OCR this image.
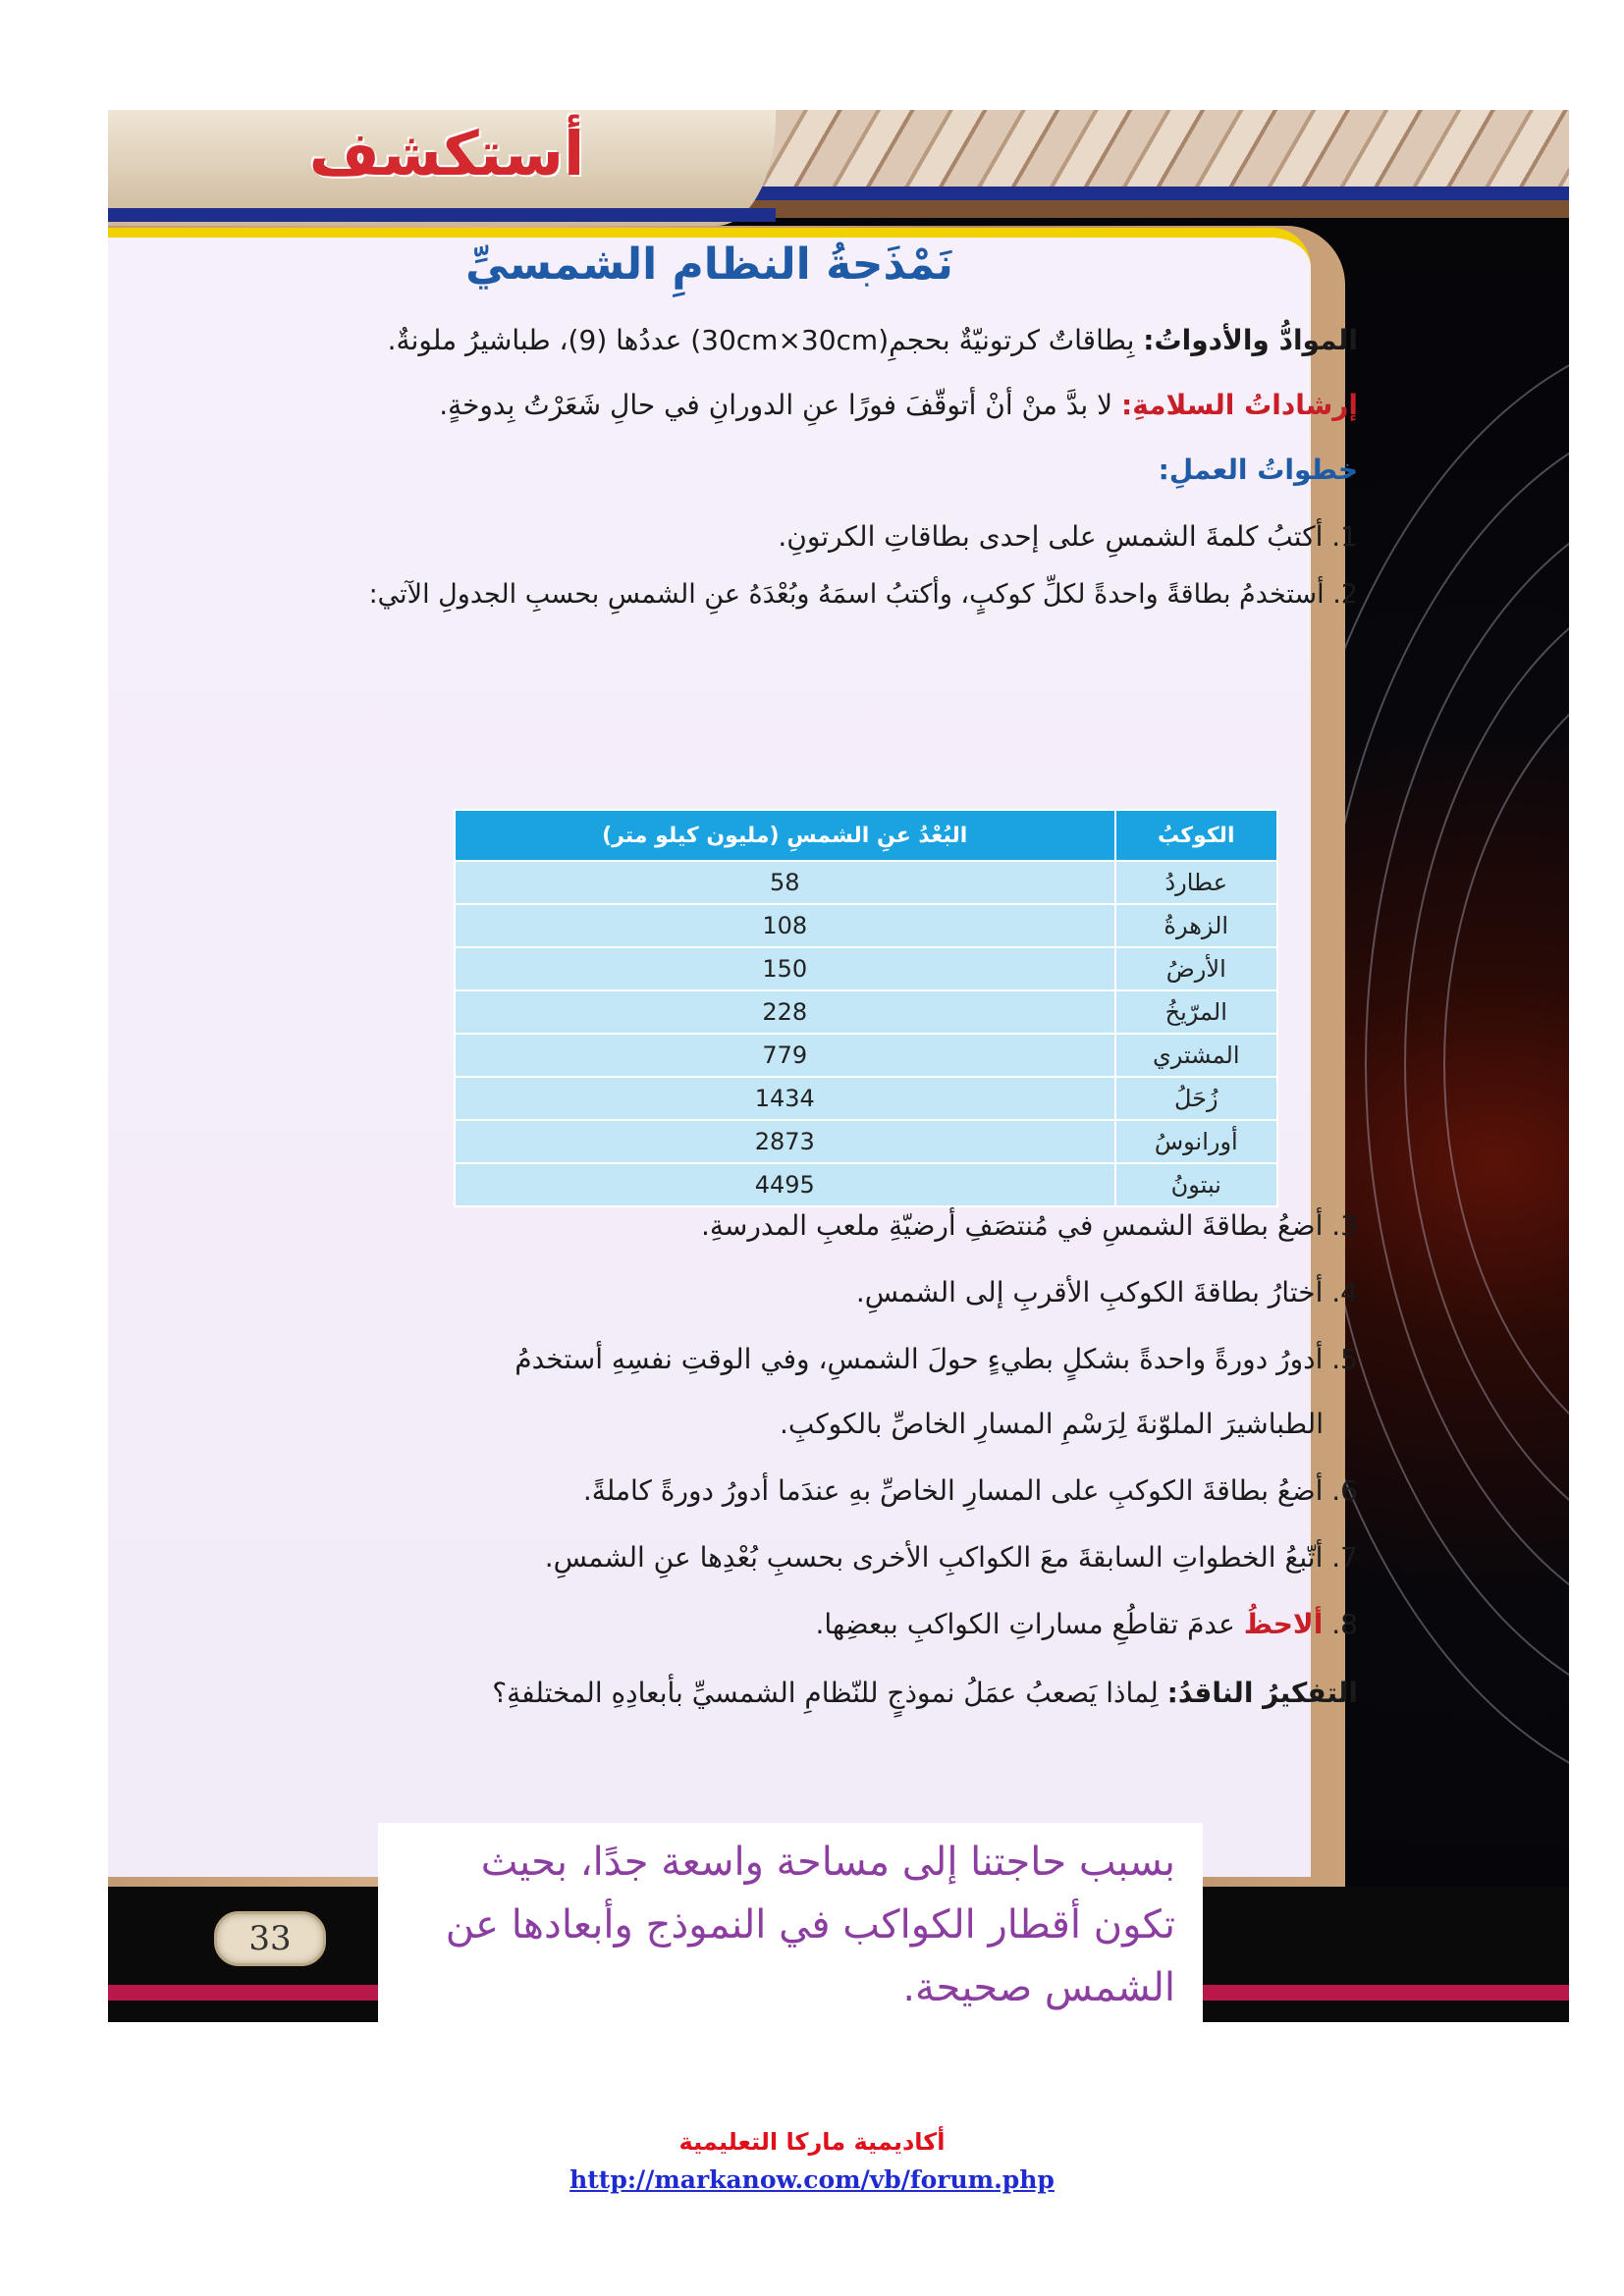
أستكشف
33
نَمْذَجةُ النظامِ الشمسيِّ
الموادُّ والأدواتُ: بِطاقاتٌ كرتونيّةٌ بحجمِ(30cm×30cm) عددُها (9)، طباشيرُ ملونةٌ.
إرشاداتُ السلامةِ: لا بدَّ منْ أنْ أتوقّفَ فورًا عنِ الدورانِ في حالِ شَعَرْتُ بِدوخةٍ.
خطواتُ العملِ:
1. أكتبُ كلمةَ الشمسِ على إحدى بطاقاتِ الكرتونِ.
2. أستخدمُ بطاقةً واحدةً لكلِّ كوكبٍ، وأكتبُ اسمَهُ وبُعْدَهُ عنِ الشمسِ بحسبِ الجدولِ الآتي:
البُعْدُ عنِ الشمسِ (مليون كيلو متر)	الكوكبُ
58	عطاردُ
108	الزهرةُ
150	الأرضُ
228	المرّيخُ
779	المشتري
1434	زُحَلُ
2873	أورانوسُ
4495	نبتونُ
3. أضعُ بطاقةَ الشمسِ في مُنتصَفِ أرضيّةِ ملعبِ المدرسةِ.
4. أختارُ بطاقةَ الكوكبِ الأقربِ إلى الشمسِ.
5. أدورُ دورةً واحدةً بشكلٍ بطيءٍ حولَ الشمسِ، وفي الوقتِ نفسِهِ أستخدمُ
الطباشيرَ الملوّنةَ لِرَسْمِ المسارِ الخاصِّ بالكوكبِ.
6. أضعُ بطاقةَ الكوكبِ على المسارِ الخاصِّ بهِ عندَما أدورُ دورةً كاملةً.
7. أتّبعُ الخطواتِ السابقةَ معَ الكواكبِ الأخرى بحسبِ بُعْدِها عنِ الشمسِ.
8. ألاحظُ عدمَ تقاطُعِ مساراتِ الكواكبِ ببعضِها.
التفكيرُ الناقدُ: لِماذا يَصعبُ عمَلُ نموذجٍ للنّظامِ الشمسيِّ بأبعادِهِ المختلفةِ؟
بسبب حاجتنا إلى مساحة واسعة جدًا، بحيث تكون أقطار الكواكب في النموذج وأبعادها عن الشمس صحيحة.
أكاديمية ماركا التعليمية
http://markanow.com/vb/forum.php
